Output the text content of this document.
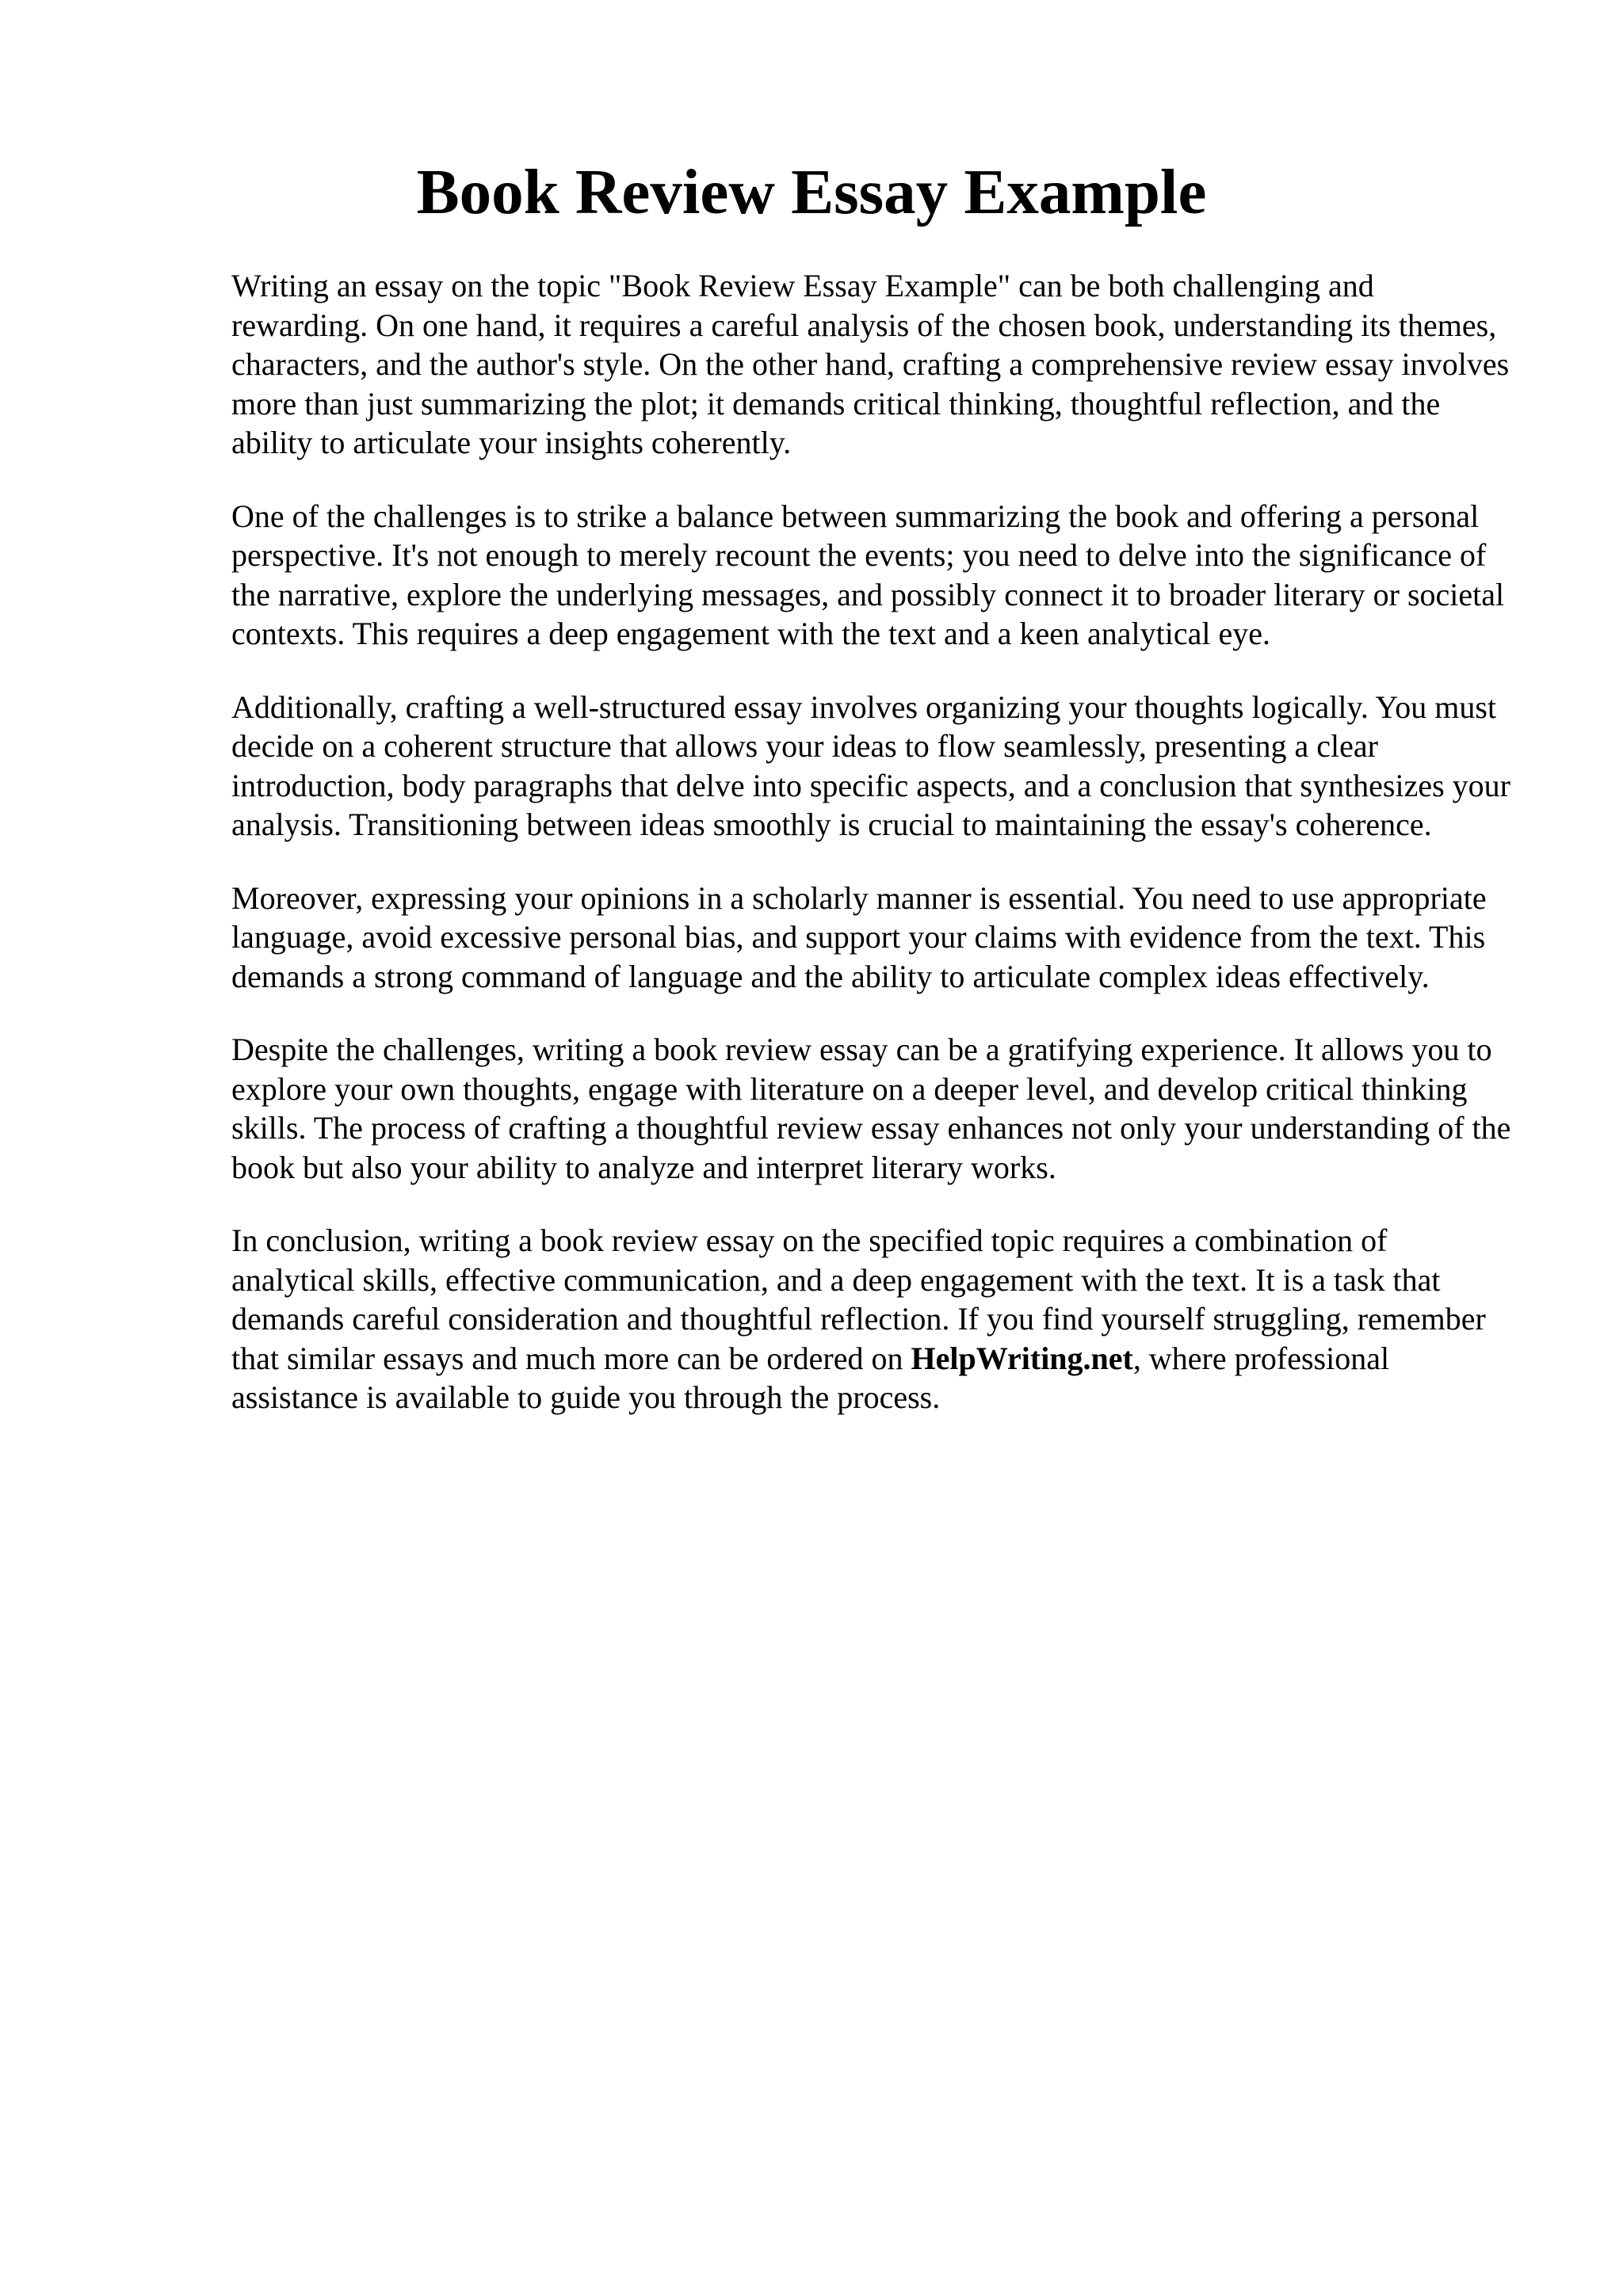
Book Review Essay Example

Writing an essay on the topic "Book Review Essay Example" can be both challenging and rewarding. On one hand, it requires a careful analysis of the chosen book, understanding its themes, characters, and the author's style. On the other hand, crafting a comprehensive review essay involves more than just summarizing the plot; it demands critical thinking, thoughtful reflection, and the ability to articulate your insights coherently.

One of the challenges is to strike a balance between summarizing the book and offering a personal perspective. It's not enough to merely recount the events; you need to delve into the significance of the narrative, explore the underlying messages, and possibly connect it to broader literary or societal contexts. This requires a deep engagement with the text and a keen analytical eye.

Additionally, crafting a well-structured essay involves organizing your thoughts logically. You must decide on a coherent structure that allows your ideas to flow seamlessly, presenting a clear introduction, body paragraphs that delve into specific aspects, and a conclusion that synthesizes your analysis. Transitioning between ideas smoothly is crucial to maintaining the essay's coherence.

Moreover, expressing your opinions in a scholarly manner is essential. You need to use appropriate language, avoid excessive personal bias, and support your claims with evidence from the text. This demands a strong command of language and the ability to articulate complex ideas effectively.

Despite the challenges, writing a book review essay can be a gratifying experience. It allows you to explore your own thoughts, engage with literature on a deeper level, and develop critical thinking skills. The process of crafting a thoughtful review essay enhances not only your understanding of the book but also your ability to analyze and interpret literary works.

In conclusion, writing a book review essay on the specified topic requires a combination of analytical skills, effective communication, and a deep engagement with the text. It is a task that demands careful consideration and thoughtful reflection. If you find yourself struggling, remember that similar essays and much more can be ordered on HelpWriting.net, where professional assistance is available to guide you through the process.
